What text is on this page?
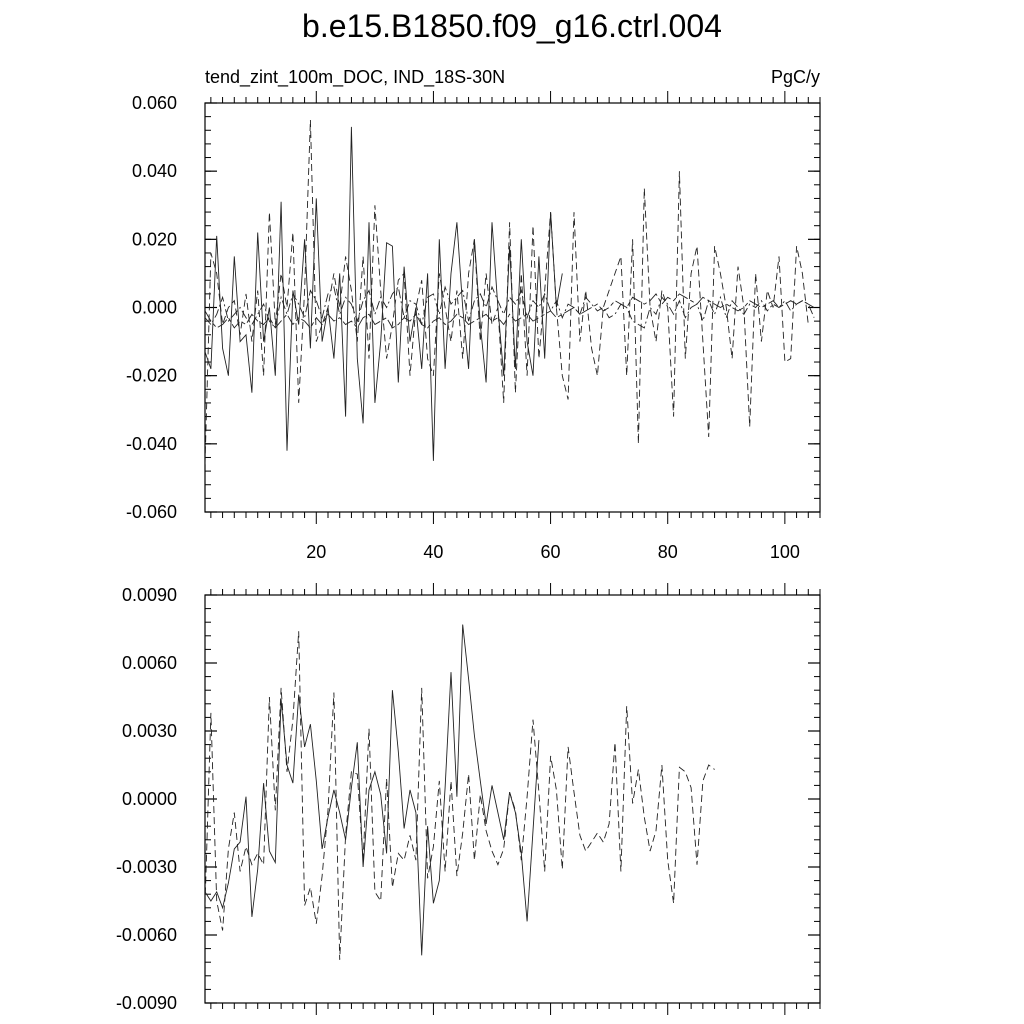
b.e15.B1850.f09_g16.ctrl.004
tend_zint_100m_DOC, IND_18S-30N	PgC/y
0.060
0.040
0.020
0.000
-0.020
-0.040
-0.060
20	40	60	80	100
0.0090
0.0060
0.0030
0.0000
-0.0030
-0.0060
-0.0090
